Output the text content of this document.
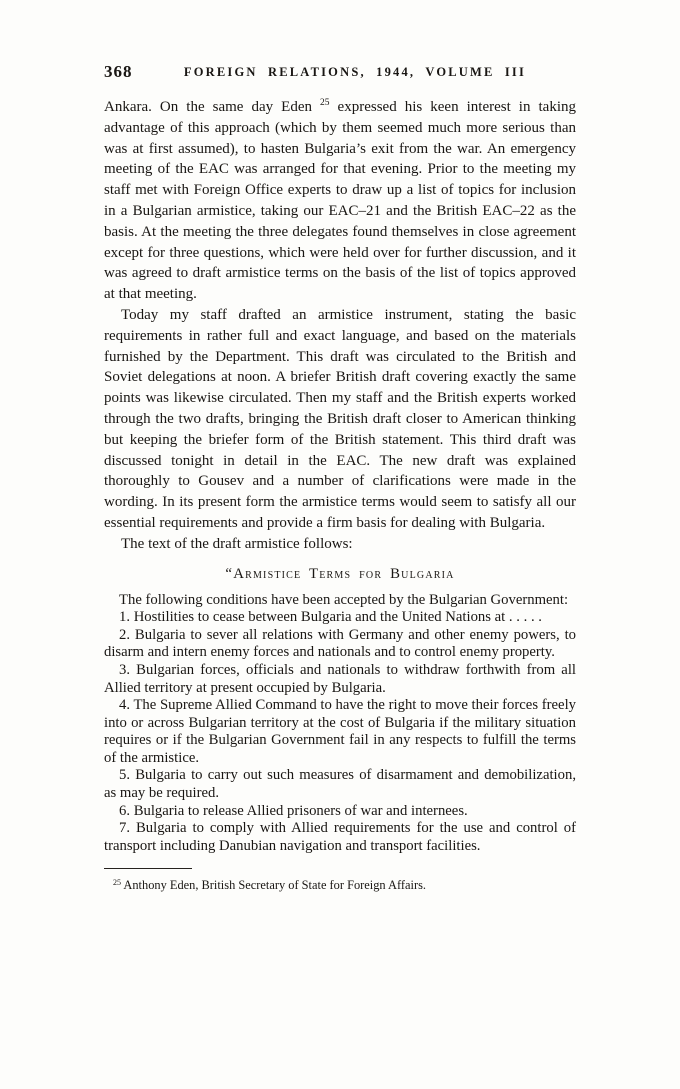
368	FOREIGN RELATIONS, 1944, VOLUME III

Ankara. On the same day Eden $^{25}$ expressed his keen interest in taking advantage of this approach (which by them seemed much more serious than was at first assumed), to hasten Bulgaria’s exit from the war. An emergency meeting of the EAC was arranged for that evening. Prior to the meeting my staff met with Foreign Office experts to draw up a list of topics for inclusion in a Bulgarian armistice, taking our EAC–21 and the British EAC–22 as the basis. At the meeting the three delegates found themselves in close agreement except for three questions, which were held over for further discussion, and it was agreed to draft armistice terms on the basis of the list of topics approved at that meeting.

Today my staff drafted an armistice instrument, stating the basic requirements in rather full and exact language, and based on the materials furnished by the Department. This draft was circulated to the British and Soviet delegations at noon. A briefer British draft covering exactly the same points was likewise circulated. Then my staff and the British experts worked through the two drafts, bringing the British draft closer to American thinking but keeping the briefer form of the British statement. This third draft was discussed tonight in detail in the EAC. The new draft was explained thoroughly to Gousev and a number of clarifications were made in the wording. In its present form the armistice terms would seem to satisfy all our essential requirements and provide a firm basis for dealing with Bulgaria.

The text of the draft armistice follows:

“Armistice Terms for Bulgaria

The following conditions have been accepted by the Bulgarian Government:

1. Hostilities to cease between Bulgaria and the United Nations at . . . . .

2. Bulgaria to sever all relations with Germany and other enemy powers, to disarm and intern enemy forces and nationals and to control enemy property.

3. Bulgarian forces, officials and nationals to withdraw forthwith from all Allied territory at present occupied by Bulgaria.

4. The Supreme Allied Command to have the right to move their forces freely into or across Bulgarian territory at the cost of Bulgaria if the military situation requires or if the Bulgarian Government fail in any respects to fulfill the terms of the armistice.

5. Bulgaria to carry out such measures of disarmament and demobilization, as may be required.

6. Bulgaria to release Allied prisoners of war and internees.

7. Bulgaria to comply with Allied requirements for the use and control of transport including Danubian navigation and transport facilities.

$^{25}$ Anthony Eden, British Secretary of State for Foreign Affairs.
